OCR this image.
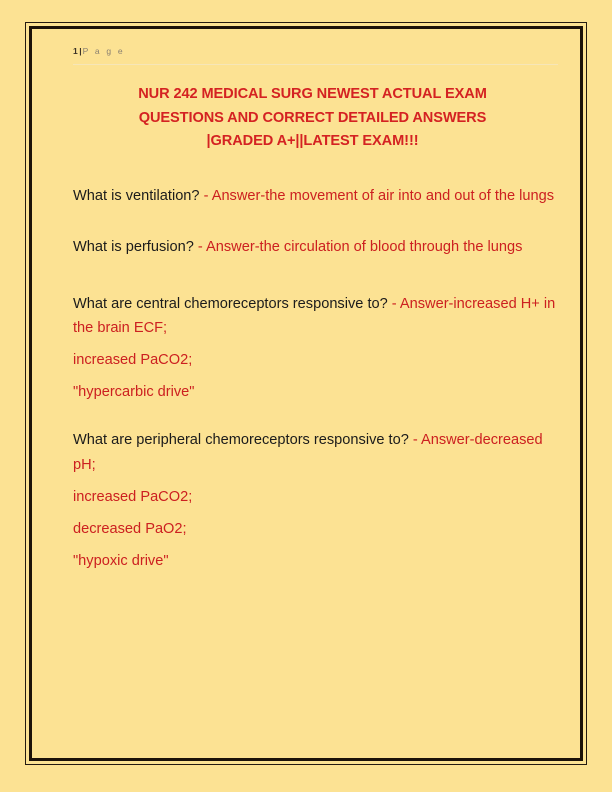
1|P a g e
NUR 242 MEDICAL SURG NEWEST ACTUAL EXAM
QUESTIONS AND CORRECT DETAILED ANSWERS
|GRADED A+||LATEST EXAM!!!

What is ventilation? - Answer-the movement of air into and out of the lungs

What is perfusion? - Answer-the circulation of blood through the lungs

What are central chemoreceptors responsive to? - Answer-increased H+ in the brain ECF;

increased PaCO2;

"hypercarbic drive"

What are peripheral chemoreceptors responsive to? - Answer-decreased pH;

increased PaCO2;

decreased PaO2;

"hypoxic drive"
